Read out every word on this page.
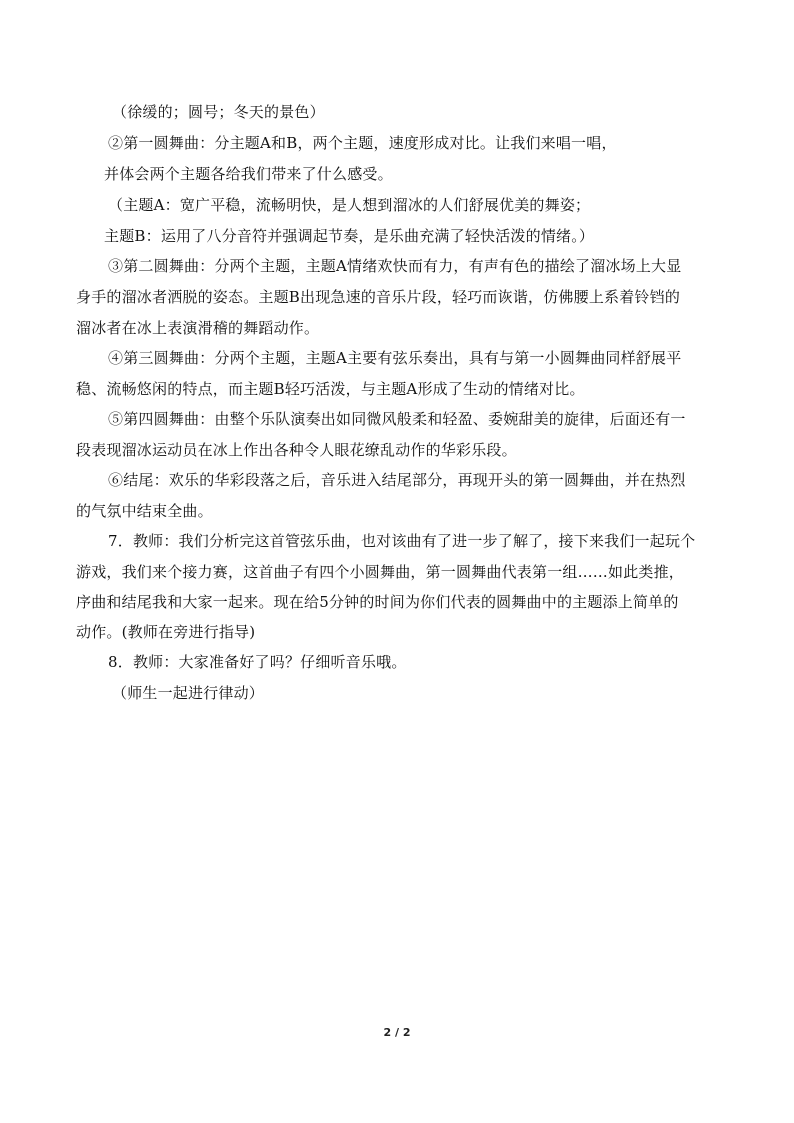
（徐缓的；圆号；冬天的景色）
②第一圆舞曲：分主题A和B，两个主题，速度形成对比。让我们来唱一唱，
并体会两个主题各给我们带来了什么感受。
（主题A：宽广平稳，流畅明快，是人想到溜冰的人们舒展优美的舞姿；
主题B：运用了八分音符并强调起节奏，是乐曲充满了轻快活泼的情绪。）
③第二圆舞曲：分两个主题，主题A情绪欢快而有力，有声有色的描绘了溜冰场上大显
身手的溜冰者洒脱的姿态。主题B出现急速的音乐片段，轻巧而诙谐，仿佛腰上系着铃铛的
溜冰者在冰上表演滑稽的舞蹈动作。
④第三圆舞曲：分两个主题，主题A主要有弦乐奏出，具有与第一小圆舞曲同样舒展平
稳、流畅悠闲的特点，而主题B轻巧活泼，与主题A形成了生动的情绪对比。
⑤第四圆舞曲：由整个乐队演奏出如同微风般柔和轻盈、委婉甜美的旋律，后面还有一
段表现溜冰运动员在冰上作出各种令人眼花缭乱动作的华彩乐段。
⑥结尾：欢乐的华彩段落之后，音乐进入结尾部分，再现开头的第一圆舞曲，并在热烈
的气氛中结束全曲。
7．教师：我们分析完这首管弦乐曲，也对该曲有了进一步了解了，接下来我们一起玩个
游戏，我们来个接力赛，这首曲子有四个小圆舞曲，第一圆舞曲代表第一组……如此类推，
序曲和结尾我和大家一起来。现在给5分钟的时间为你们代表的圆舞曲中的主题添上简单的
动作。(教师在旁进行指导)
8．教师：大家准备好了吗？仔细听音乐哦。
（师生一起进行律动）
2 / 2
